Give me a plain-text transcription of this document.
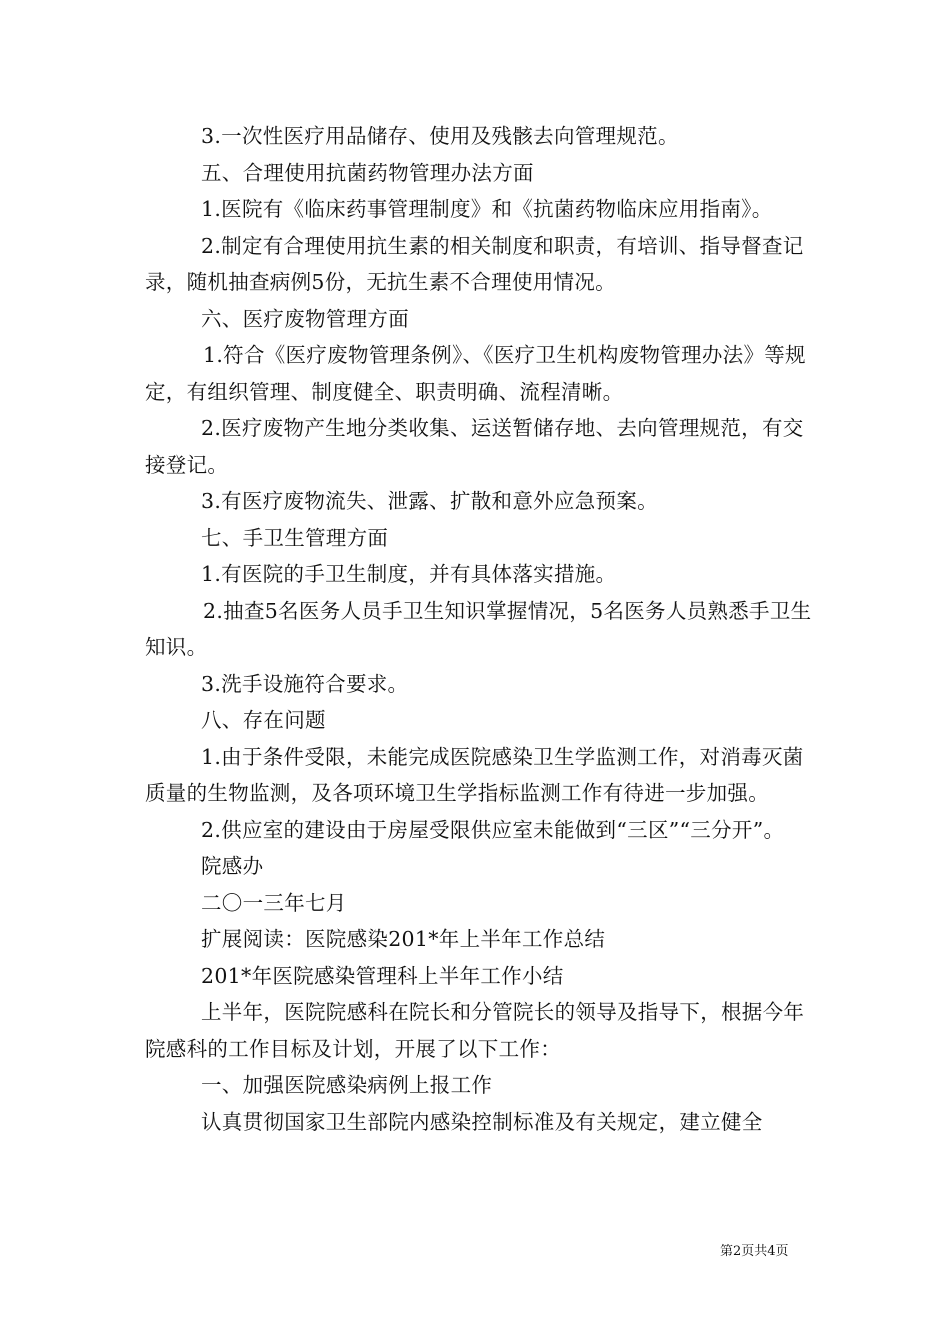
3.一次性医疗用品储存、使用及残骸去向管理规范。

五、合理使用抗菌药物管理办法方面

1.医院有《临床药事管理制度》和《抗菌药物临床应用指南》。

2.制定有合理使用抗生素的相关制度和职责，有培训、指导督查记录，随机抽查病例5份，无抗生素不合理使用情况。

六、医疗废物管理方面

1.符合《医疗废物管理条例》、《医疗卫生机构废物管理办法》等规定，有组织管理、制度健全、职责明确、流程清晰。

2.医疗废物产生地分类收集、运送暂储存地、去向管理规范，有交接登记。

3.有医疗废物流失、泄露、扩散和意外应急预案。

七、手卫生管理方面

1.有医院的手卫生制度，并有具体落实措施。

2.抽查5名医务人员手卫生知识掌握情况，5名医务人员熟悉手卫生知识。

3.洗手设施符合要求。

八、存在问题

1.由于条件受限，未能完成医院感染卫生学监测工作，对消毒灭菌质量的生物监测，及各项环境卫生学指标监测工作有待进一步加强。

2.供应室的建设由于房屋受限供应室未能做到“三区”“三分开”。

院感办

二〇一三年七月

扩展阅读：医院感染201*年上半年工作总结

201*年医院感染管理科上半年工作小结

上半年，医院院感科在院长和分管院长的领导及指导下，根据今年院感科的工作目标及计划，开展了以下工作：

一、加强医院感染病例上报工作

认真贯彻国家卫生部院内感染控制标准及有关规定，建立健全

第2页共4页
